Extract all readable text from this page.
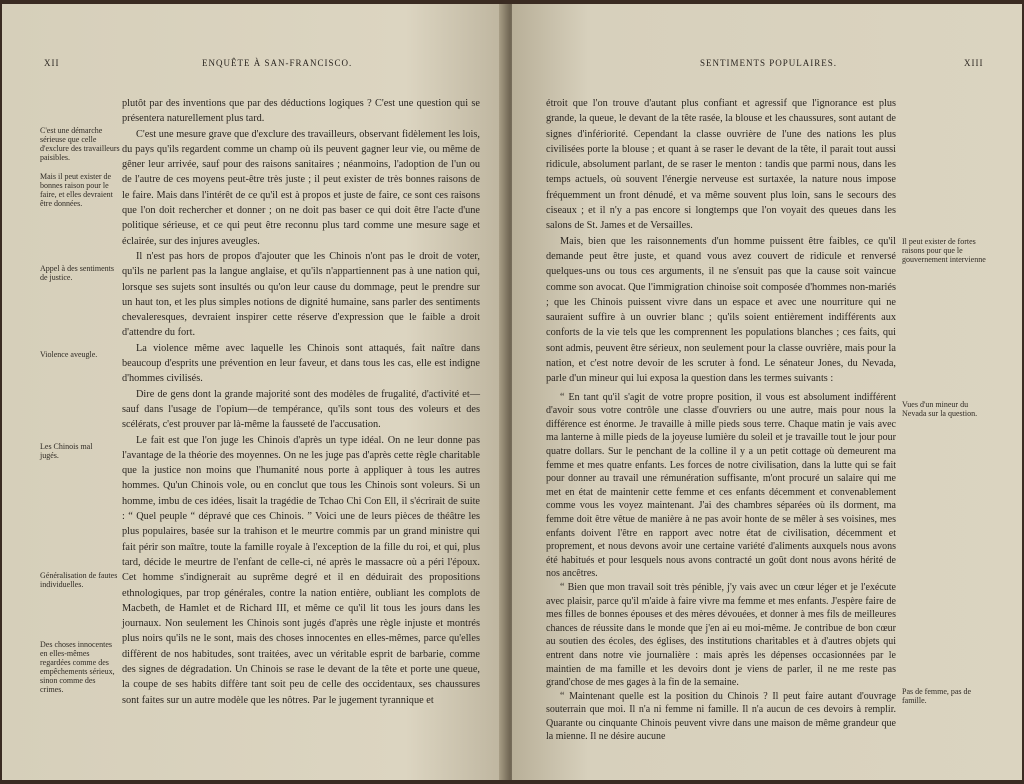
XII	ENQUÊTE À SAN-FRANCISCO.
C'est une démarche sérieuse que celle d'exclure des travailleurs paisibles.
Mais il peut exister de bonnes raison pour le faire, et elles devraient être données.
Appel à des sentiments de justice.
Violence aveugle.
Les Chinois mal jugés.
Généralisation de fautes individuelles.
Des choses innocentes en elles-mêmes regardées comme des empêchements sérieux, sinon comme des crimes.

plutôt par des inventions que par des déductions logiques ? C'est une question qui se présentera naturellement plus tard.

C'est une mesure grave que d'exclure des travailleurs, observant fidèlement les lois, du pays qu'ils regardent comme un champ où ils peuvent gagner leur vie, ou même de gêner leur arrivée, sauf pour des raisons sanitaires ; néanmoins, l'adoption de l'un ou de l'autre de ces moyens peut-être très juste ; il peut exister de très bonnes raisons de le faire. Mais dans l'intérêt de ce qu'il est à propos et juste de faire, ce sont ces raisons que l'on doit rechercher et donner ; on ne doit pas baser ce qui doit être l'acte d'une politique sérieuse, et ce qui peut être reconnu plus tard comme une mesure sage et éclairée, sur des injures aveugles.

Il n'est pas hors de propos d'ajouter que les Chinois n'ont pas le droit de voter, qu'ils ne parlent pas la langue anglaise, et qu'ils n'appartiennent pas à une nation qui, lorsque ses sujets sont insultés ou qu'on leur cause du dommage, peut le prendre sur un haut ton, et les plus simples notions de dignité humaine, sans parler des sentiments chevaleresques, devraient inspirer cette réserve d'expression que le faible a droit d'attendre du fort.

La violence même avec laquelle les Chinois sont attaqués, fait naître dans beaucoup d'esprits une prévention en leur faveur, et dans tous les cas, elle est indigne d'hommes civilisés.

Dire de gens dont la grande majorité sont des modèles de frugalité, d'activité et—sauf dans l'usage de l'opium—de tempérance, qu'ils sont tous des voleurs et des scélérats, c'est prouver par là-même la fausseté de l'accusation.

Le fait est que l'on juge les Chinois d'après un type idéal. On ne leur donne pas l'avantage de la théorie des moyennes. On ne les juge pas d'après cette règle charitable que la justice non moins que l'humanité nous porte à appliquer à tous les autres hommes. Qu'un Chinois vole, ou en conclut que tous les Chinois sont voleurs. Si un homme, imbu de ces idées, lisait la tragédie de Tchao Chi Con Ell, il s'écrirait de suite : “ Quel peuple “ dépravé que ces Chinois. ” Voici une de leurs pièces de théâtre les plus populaires, basée sur la trahison et le meurtre commis par un grand ministre qui fait périr son maître, toute la famille royale à l'exception de la fille du roi, et qui, plus tard, décide le meurtre de l'enfant de celle-ci, né après le massacre où a péri l'époux. Cet homme s'indignerait au suprême degré et il en déduirait des propositions ethnologiques, par trop générales, contre la nation entière, oubliant les complots de Macbeth, de Hamlet et de Richard III, et même ce qu'il lit tous les jours dans les journaux. Non seulement les Chinois sont jugés d'après une règle injuste et montrés plus noirs qu'ils ne le sont, mais des choses innocentes en elles-mêmes, parce qu'elles diffèrent de nos habitudes, sont traitées, avec un véritable esprit de barbarie, comme des signes de dégradation. Un Chinois se rase le devant de la tête et porte une queue, la coupe de ses habits diffère tant soit peu de celle des occidentaux, ses chaussures sont faites sur un autre modèle que les nôtres. Par le jugement tyrannique et

SENTIMENTS POPULAIRES.	XIII

étroit que l'on trouve d'autant plus confiant et agressif que l'ignorance est plus grande, la queue, le devant de la tête rasée, la blouse et les chaussures, sont autant de signes d'infériorité. Cependant la classe ouvrière de l'une des nations les plus civilisées porte la blouse ; et quant à se raser le devant de la tête, il parait tout aussi ridicule, absolument parlant, de se raser le menton : tandis que parmi nous, dans les temps actuels, où souvent l'énergie nerveuse est surtaxée, la nature nous impose fréquemment un front dénudé, et va même souvent plus loin, sans le secours des ciseaux ; et il n'y a pas encore si longtemps que l'on voyait des queues dans les salons de St. James et de Versailles.

Mais, bien que les raisonnements d'un homme puissent être faibles, ce qu'il demande peut être juste, et quand vous avez couvert de ridicule et renversé quelques-uns ou tous ces arguments, il ne s'ensuit pas que la cause soit vaincue comme son avocat. Que l'immigration chinoise soit composée d'hommes non-mariés ; que les Chinois puissent vivre dans un espace et avec une nourriture qui ne sauraient suffire à un ouvrier blanc ; qu'ils soient entièrement indifférents aux conforts de la vie tels que les comprennent les populations blanches ; ces faits, qui sont admis, peuvent être sérieux, non seulement pour la classe ouvrière, mais pour la nation, et c'est notre devoir de les scruter à fond. Le sénateur Jones, du Nevada, parle d'un mineur qui lui exposa la question dans les termes suivants :

“ En tant qu'il s'agit de votre propre position, il vous est absolument indifférent d'avoir sous votre contrôle une classe d'ouvriers ou une autre, mais pour nous la différence est énorme. Je travaille à mille pieds sous terre. Chaque matin je vais avec ma lanterne à mille pieds de la joyeuse lumière du soleil et je travaille tout le jour pour quatre dollars. Sur le penchant de la colline il y a un petit cottage où demeurent ma femme et mes quatre enfants. Les forces de notre civilisation, dans la lutte qui se fait pour donner au travail une rémunération suffisante, m'ont procuré un salaire qui me met en état de maintenir cette femme et ces enfants décemment et convenablement comme vous les voyez maintenant. J'ai des chambres séparées où ils dorment, ma femme doit être vêtue de manière à ne pas avoir honte de se mêler à ses voisines, mes enfants doivent l'être en rapport avec notre état de civilisation, décemment et proprement, et nous devons avoir une certaine variété d'aliments auxquels nous avons été habitués et pour lesquels nous avons contracté un goût dont nous avons hérité de nos ancêtres.

“ Bien que mon travail soit très pénible, j'y vais avec un cœur léger et je l'exécute avec plaisir, parce qu'il m'aide à faire vivre ma femme et mes enfants. J'espère faire de mes filles de bonnes épouses et des mères dévouées, et donner à mes fils de meilleures chances de réussite dans le monde que j'en ai eu moi-même. Je contribue de bon cœur au soutien des écoles, des églises, des institutions charitables et à d'autres objets qui entrent dans notre vie journalière : mais après les dépenses occasionnées par le maintien de ma famille et les devoirs dont je viens de parler, il ne me reste pas grand'chose de mes gages à la fin de la semaine.

“ Maintenant quelle est la position du Chinois ? Il peut faire autant d'ouvrage souterrain que moi. Il n'a ni femme ni famille. Il n'a aucun de ces devoirs à remplir. Quarante ou cinquante Chinois peuvent vivre dans une maison de même grandeur que la mienne. Il ne désire aucune

Il peut exister de fortes raisons pour que le gouvernement intervienne
Vues d'un mineur du Nevada sur la question.
Pas de femme, pas de famille.
